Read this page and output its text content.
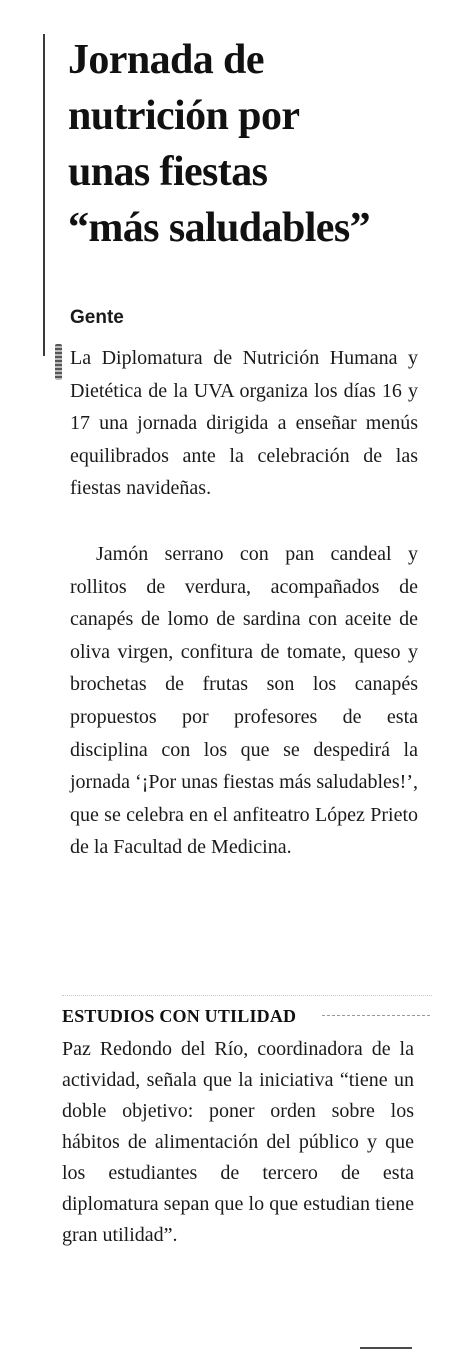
Jornada de
nutrición por
unas fiestas
“más saludables”
Gente

La Diplomatura de Nutrición Humana y Dietética de la UVA organiza los días 16 y 17 una jornada dirigida a enseñar menús equilibrados ante la celebración de las fiestas navideñas.

Jamón serrano con pan candeal y rollitos de verdura, acompañados de canapés de lomo de sardina con aceite de oliva virgen, confitura de tomate, queso y brochetas de frutas son los canapés propuestos por profesores de esta disciplina con los que se despedirá la jornada ‘¡Por unas fiestas más saludables!’, que se celebra en el anfiteatro López Prieto de la Facultad de Medicina.

ESTUDIOS CON UTILIDAD

Paz Redondo del Río, coordinadora de la actividad, señala que la iniciativa “tiene un doble objetivo: poner orden sobre los hábitos de alimentación del público y que los estudiantes de tercero de esta diplomatura sepan que lo que estudian tiene gran utilidad”.
